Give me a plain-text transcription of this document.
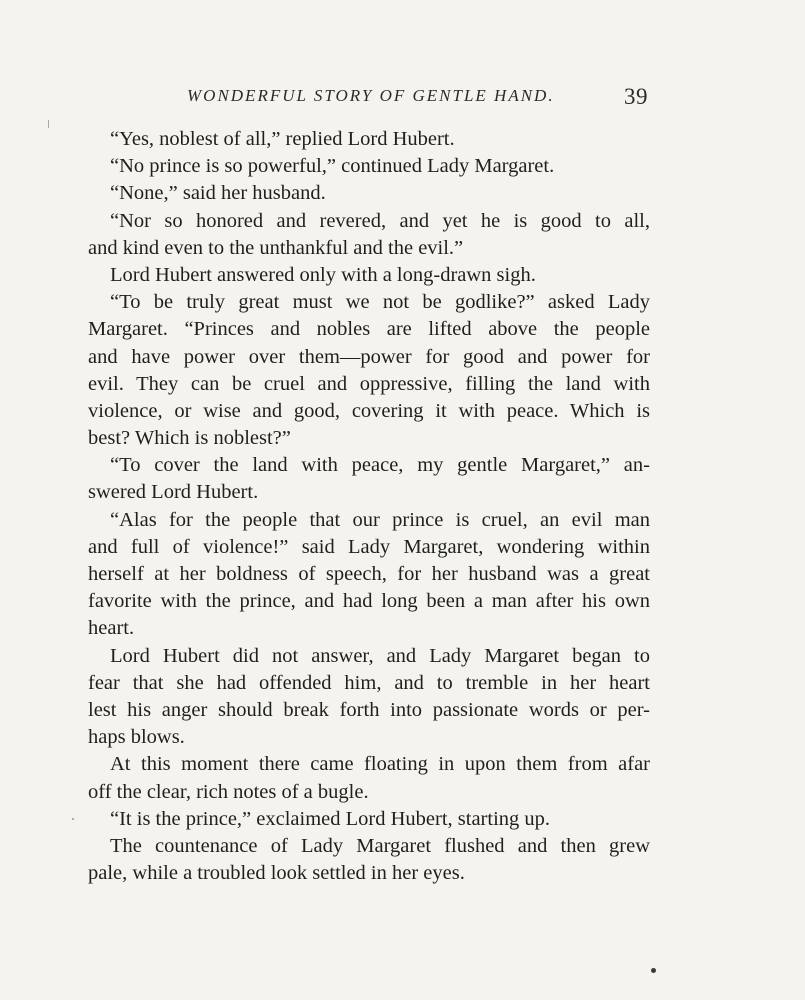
WONDERFUL STORY OF GENTLE HAND.	39
“Yes, noblest of all,” replied Lord Hubert.
“No prince is so powerful,” continued Lady Margaret.
“None,” said her husband.
“Nor so honored and revered, and yet he is good to all,
and kind even to the unthankful and the evil.”
Lord Hubert answered only with a long-drawn sigh.
“To be truly great must we not be godlike?” asked Lady
Margaret. “Princes and nobles are lifted above the people
and have power over them—power for good and power for
evil. They can be cruel and oppressive, filling the land with
violence, or wise and good, covering it with peace. Which is
best? Which is noblest?”
“To cover the land with peace, my gentle Margaret,” an-
swered Lord Hubert.
“Alas for the people that our prince is cruel, an evil man
and full of violence!” said Lady Margaret, wondering within
herself at her boldness of speech, for her husband was a great
favorite with the prince, and had long been a man after his own
heart.
Lord Hubert did not answer, and Lady Margaret began to
fear that she had offended him, and to tremble in her heart
lest his anger should break forth into passionate words or per-
haps blows.
At this moment there came floating in upon them from afar
off the clear, rich notes of a bugle.
“It is the prince,” exclaimed Lord Hubert, starting up.
The countenance of Lady Margaret flushed and then grew
pale, while a troubled look settled in her eyes.
